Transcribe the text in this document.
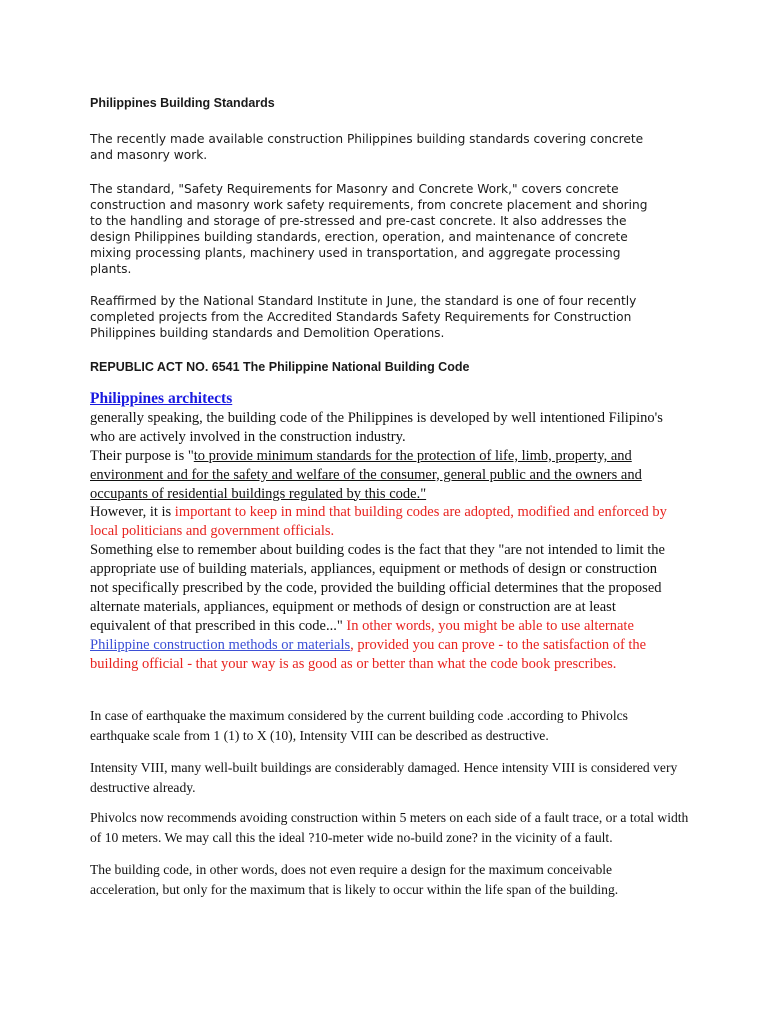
Philippines Building Standards

The recently made available construction Philippines building standards covering concrete and masonry work.

The standard, "Safety Requirements for Masonry and Concrete Work," covers concrete construction and masonry work safety requirements, from concrete placement and shoring to the handling and storage of pre-stressed and pre-cast concrete. It also addresses the design Philippines building standards, erection, operation, and maintenance of concrete mixing processing plants, machinery used in transportation, and aggregate processing plants.

Reaffirmed by the National Standard Institute in June, the standard is one of four recently completed projects from the Accredited Standards Safety Requirements for Construction Philippines building standards and Demolition Operations.

REPUBLIC ACT NO. 6541 The Philippine National Building Code

Philippines architects
generally speaking, the building code of the Philippines is developed by well intentioned Filipino's who are actively involved in the construction industry.
Their purpose is "to provide minimum standards for the protection of life, limb, property, and environment and for the safety and welfare of the consumer, general public and the owners and occupants of residential buildings regulated by this code."
However, it is important to keep in mind that building codes are adopted, modified and enforced by local politicians and government officials.
Something else to remember about building codes is the fact that they "are not intended to limit the appropriate use of building materials, appliances, equipment or methods of design or construction not specifically prescribed by the code, provided the building official determines that the proposed alternate materials, appliances, equipment or methods of design or construction are at least equivalent of that prescribed in this code..." In other words, you might be able to use alternate Philippine construction methods or materials, provided you can prove - to the satisfaction of the building official - that your way is as good as or better than what the code book prescribes.

In case of earthquake the maximum considered by the current building code .according to Phivolcs earthquake scale from 1 (1) to X (10), Intensity VIII can be described as destructive.

Intensity VIII, many well-built buildings are considerably damaged. Hence intensity VIII is considered very destructive already.

Phivolcs now recommends avoiding construction within 5 meters on each side of a fault trace, or a total width of 10 meters. We may call this the ideal ?10-meter wide no-build zone? in the vicinity of a fault.

The building code, in other words, does not even require a design for the maximum conceivable acceleration, but only for the maximum that is likely to occur within the life span of the building.
